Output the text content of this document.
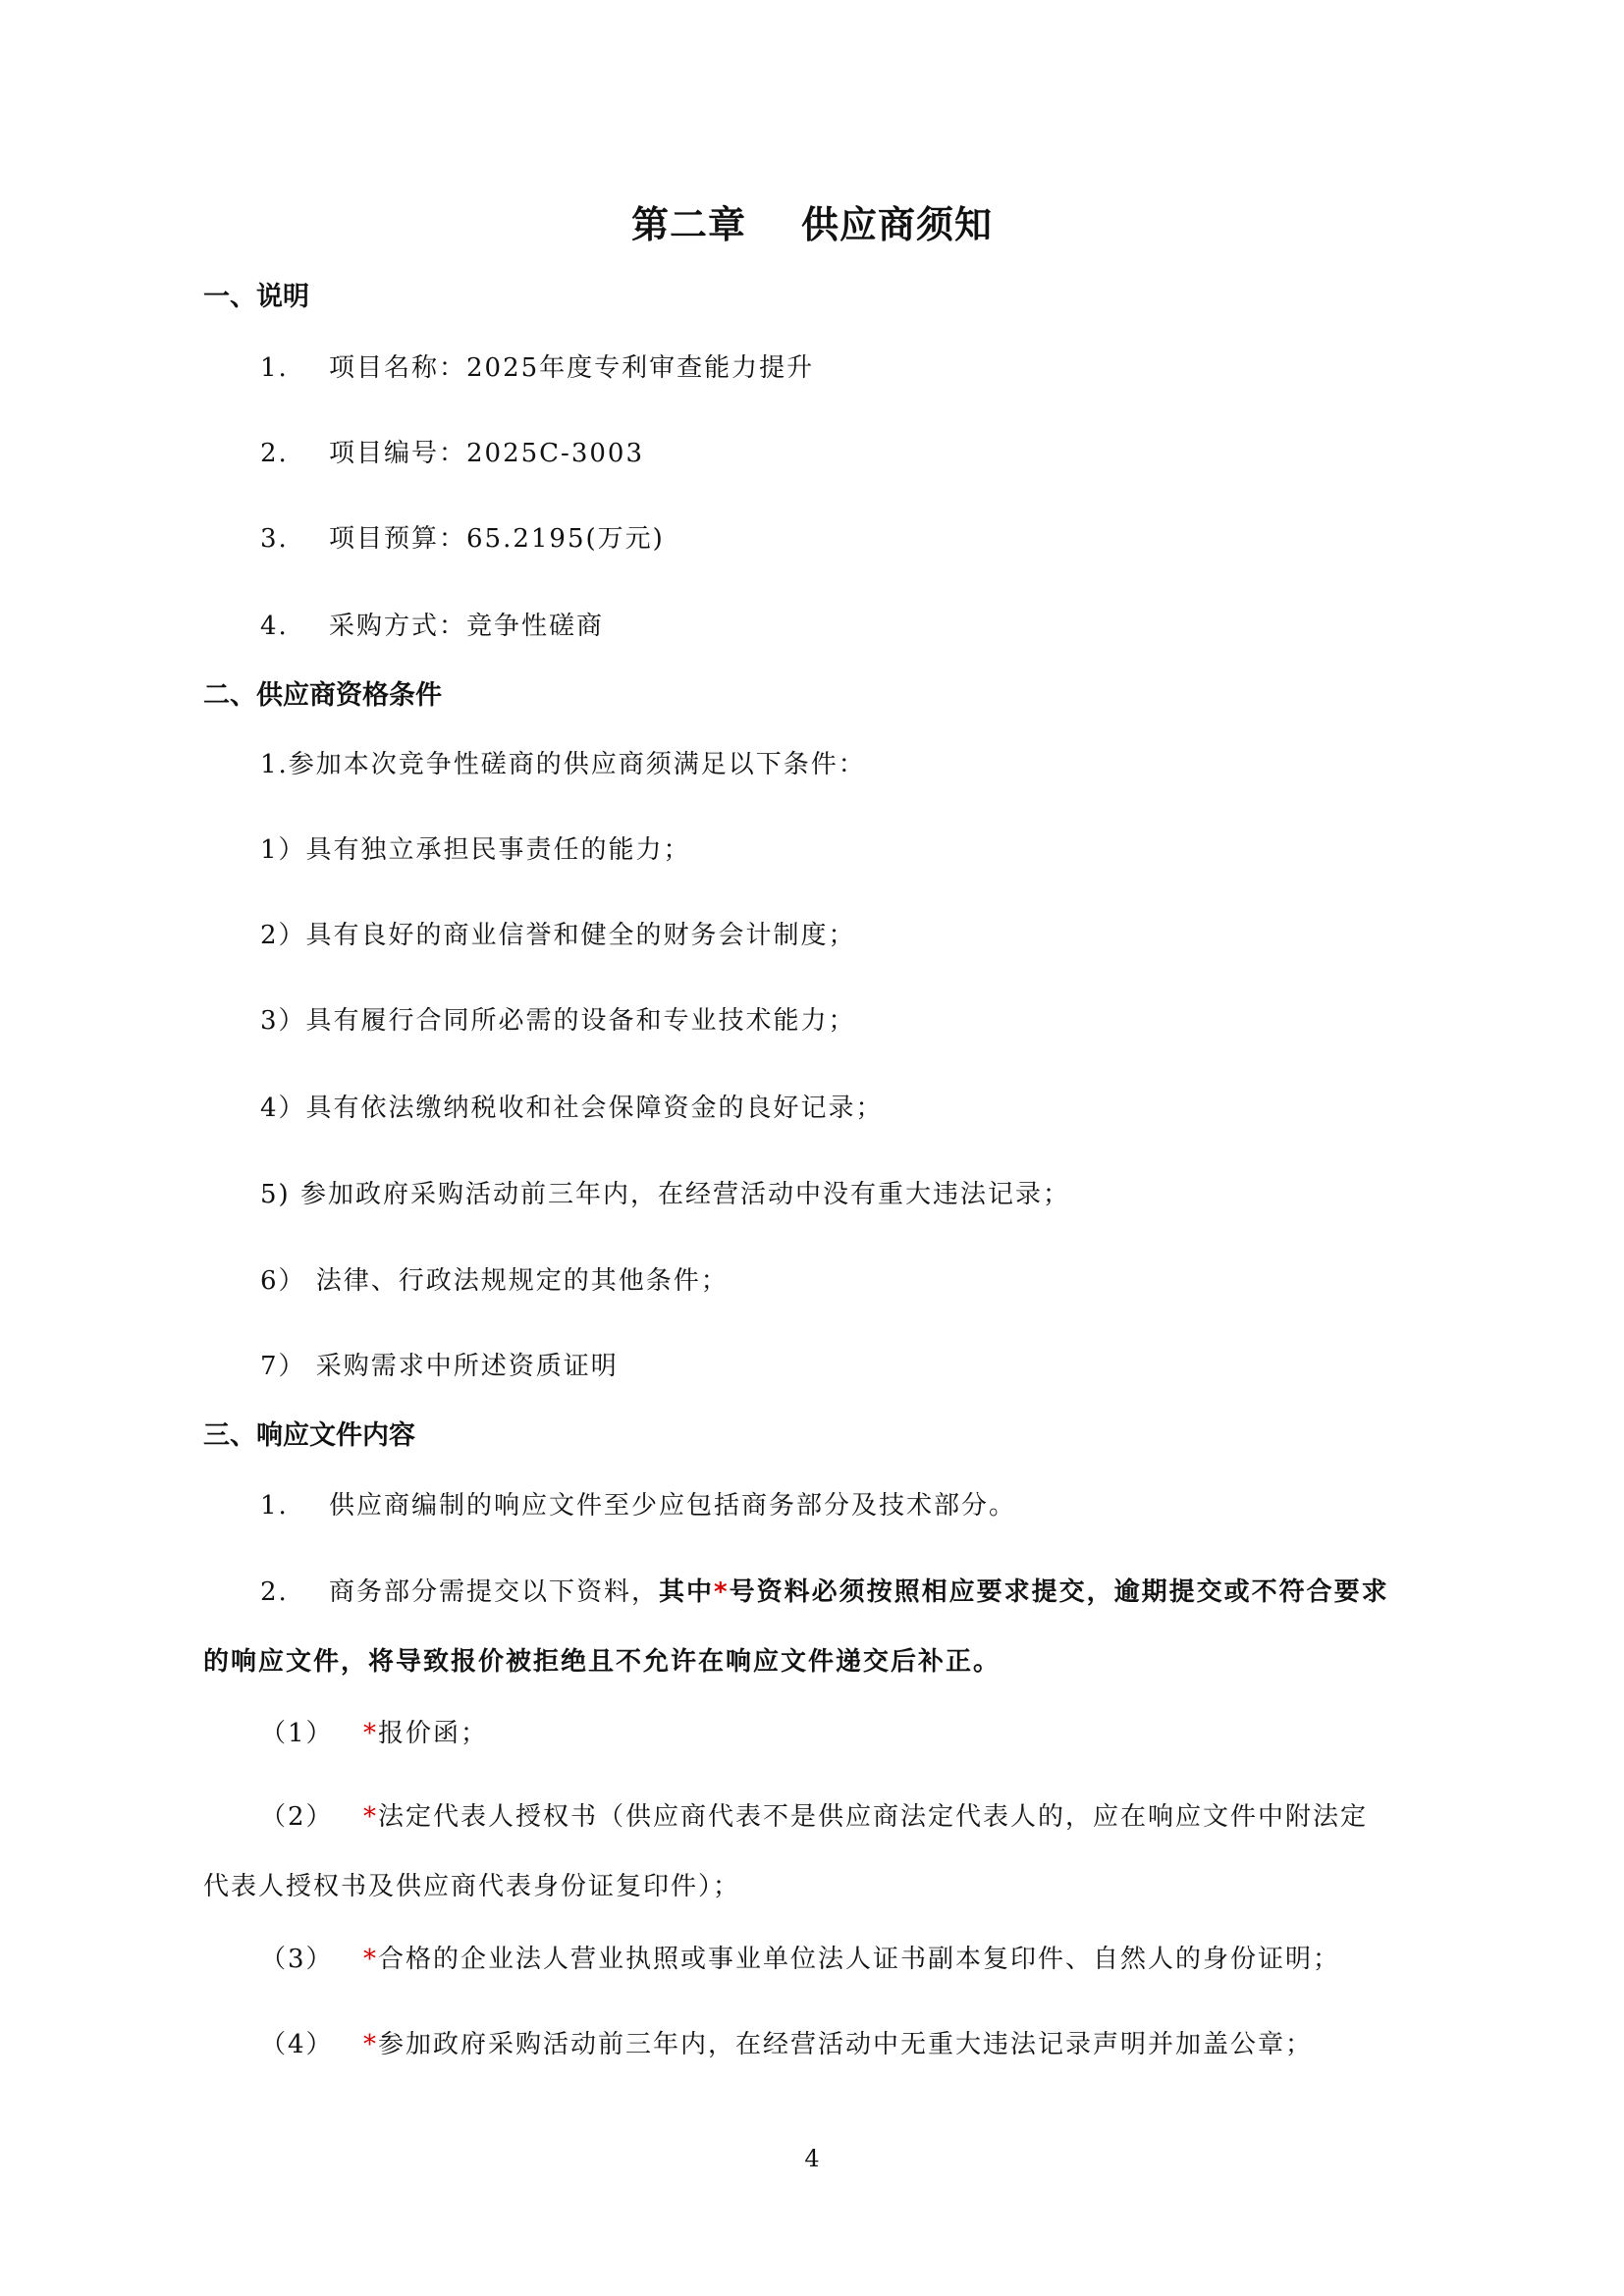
第二章 供应商须知
一、说明
1. 项目名称：2025年度专利审查能力提升
2. 项目编号：2025C-3003
3. 项目预算：65.2195(万元)
4. 采购方式：竞争性磋商
二、供应商资格条件
1.参加本次竞争性磋商的供应商须满足以下条件：
1）具有独立承担民事责任的能力；
2）具有良好的商业信誉和健全的财务会计制度；
3）具有履行合同所必需的设备和专业技术能力；
4）具有依法缴纳税收和社会保障资金的良好记录；
5) 参加政府采购活动前三年内，在经营活动中没有重大违法记录；
6） 法律、行政法规规定的其他条件；
7） 采购需求中所述资质证明
三、响应文件内容
1. 供应商编制的响应文件至少应包括商务部分及技术部分。
2. 商务部分需提交以下资料，其中*号资料必须按照相应要求提交，逾期提交或不符合要求
的响应文件，将导致报价被拒绝且不允许在响应文件递交后补正。
（1） *报价函；
（2） *法定代表人授权书（供应商代表不是供应商法定代表人的，应在响应文件中附法定
代表人授权书及供应商代表身份证复印件）；
（3） *合格的企业法人营业执照或事业单位法人证书副本复印件、自然人的身份证明；
（4） *参加政府采购活动前三年内，在经营活动中无重大违法记录声明并加盖公章；
4
